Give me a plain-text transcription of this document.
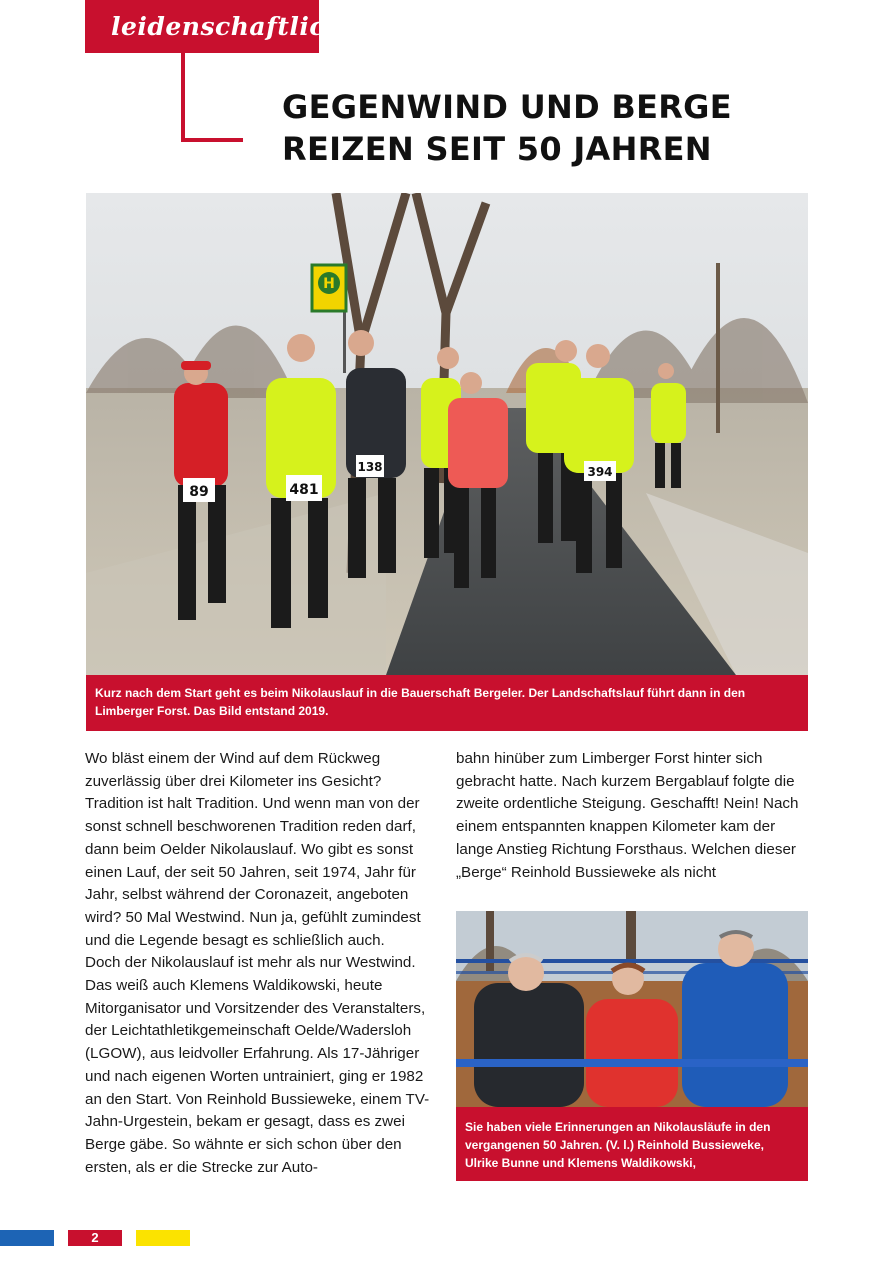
leidenschaftlich
GEGENWIND UND BERGE
REIZEN SEIT 50 JAHREN
H
89	481
138	394
Kurz nach dem Start geht es beim Nikolauslauf in die Bauerschaft Bergeler. Der Landschaftslauf führt dann in den Limberger Forst. Das Bild entstand 2019.

Wo bläst einem der Wind auf dem Rückweg zuverlässig über drei Kilometer ins Gesicht? Tradition ist halt Tradition. Und wenn man von der sonst schnell beschworenen Tradition reden darf, dann beim Oelder Nikolauslauf. Wo gibt es sonst einen Lauf, der seit 50 Jahren, seit 1974, Jahr für Jahr, selbst während der Coronazeit, angeboten wird? 50 Mal Westwind. Nun ja, gefühlt zumindest und die Legende besagt es schließlich auch.

Doch der Nikolauslauf ist mehr als nur Westwind. Das weiß auch Klemens Waldikowski, heute Mitorganisator und Vorsitzender des Veranstalters, der Leichtathletikgemeinschaft Oelde/Wadersloh (LGOW), aus leidvoller Erfahrung. Als 17-Jähriger und nach eigenen Worten untrainiert, ging er 1982 an den Start. Von Reinhold Bussieweke, einem TV-Jahn-Urgestein, bekam er gesagt, dass es zwei Berge gäbe. So wähnte er sich schon über den ersten, als er die Strecke zur Auto-

bahn hinüber zum Limberger Forst hinter sich gebracht hatte. Nach kurzem Bergablauf folgte die zweite ordentliche Steigung. Geschafft! Nein! Nach einem entspannten knappen Kilometer kam der lange Anstieg Richtung Forsthaus. Welchen dieser „Berge“ Reinhold Bussieweke als nicht

Sie haben viele Erinnerungen an Nikolausläufe in den vergangenen 50 Jahren. (V. l.) Reinhold Bussieweke, Ulrike Bunne und Klemens Waldikowski,
2
